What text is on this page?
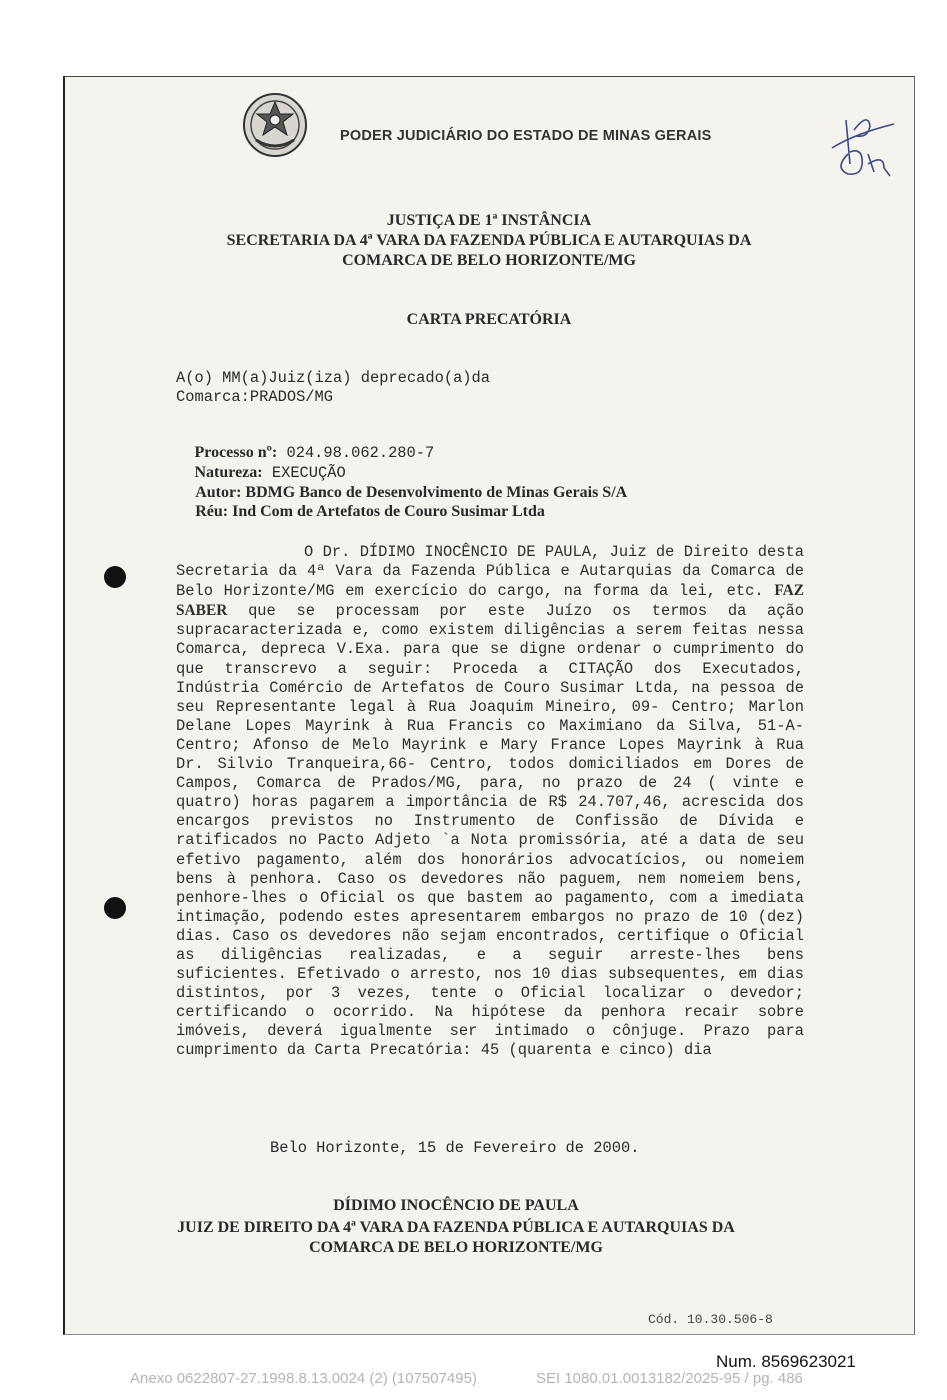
PODER JUDICIÁRIO DO ESTADO DE MINAS GERAIS
JUSTIÇA DE 1ª INSTÂNCIA
SECRETARIA DA 4ª VARA DA FAZENDA PÚBLICA E AUTARQUIAS DA
COMARCA DE BELO HORIZONTE/MG
CARTA PRECATÓRIA
A(o) MM(a)Juiz(iza) deprecado(a)da
Comarca:PRADOS/MG

Processo nº: 024.98.062.280-7

Natureza: EXECUÇÃO

Autor: BDMG Banco de Desenvolvimento de Minas Gerais S/A

Réu: Ind Com de Artefatos de Couro Susimar Ltda

O Dr. DÍDIMO INOCÊNCIO DE PAULA, Juiz de Direito desta Secretaria da 4ª Vara da Fazenda Pública e Autarquias da Comarca de Belo Horizonte/MG em exercício do cargo, na forma da lei, etc. FAZ SABER que se processam por este Juízo os termos da ação supracaracterizada e, como existem diligências a serem feitas nessa Comarca, depreca V.Exa. para que se digne ordenar o cumprimento do que transcrevo a seguir: Proceda a CITAÇÃO dos Executados, Indústria Comércio de Artefatos de Couro Susimar Ltda, na pessoa de seu Representante legal à Rua Joaquim Mineiro, 09- Centro; Marlon Delane Lopes Mayrink à Rua Francis co Maximiano da Silva, 51-A- Centro; Afonso de Melo Mayrink e Mary France Lopes Mayrink à Rua Dr. Silvio Tranqueira,66- Centro, todos domiciliados em Dores de Campos, Comarca de Prados/MG, para, no prazo de 24 ( vinte e quatro) horas pagarem a importância de R$ 24.707,46, acrescida dos encargos previstos no Instrumento de Confissão de Dívida e ratificados no Pacto Adjeto `a Nota promissória, até a data de seu efetivo pagamento, além dos honorários advocatícios, ou nomeiem bens à penhora. Caso os devedores não paguem, nem nomeiem bens, penhore-lhes o Oficial os que bastem ao pagamento, com a imediata intimação, podendo estes apresentarem embargos no prazo de 10 (dez) dias. Caso os devedores não sejam encontrados, certifique o Oficial as diligências realizadas, e a seguir arreste-lhes bens suficientes. Efetivado o arresto, nos 10 dias subsequentes, em dias distintos, por 3 vezes, tente o Oficial localizar o devedor; certificando o ocorrido. Na hipótese da penhora recair sobre imóveis, deverá igualmente ser intimado o cônjuge. Prazo para cumprimento da Carta Precatória: 45 (quarenta e cinco) dia

Belo Horizonte, 15 de Fevereiro de 2000.
DÍDIMO INOCÊNCIO DE PAULA
JUIZ DE DIREITO DA 4ª VARA DA FAZENDA PÚBLICA E AUTARQUIAS DA
COMARCA DE BELO HORIZONTE/MG
Cód. 10.30.506-8
Num. 8569623021
Anexo 0622807-27.1998.8.13.0024 (2) (107507495)	SEI 1080.01.0013182/2025-95 / pg. 486
